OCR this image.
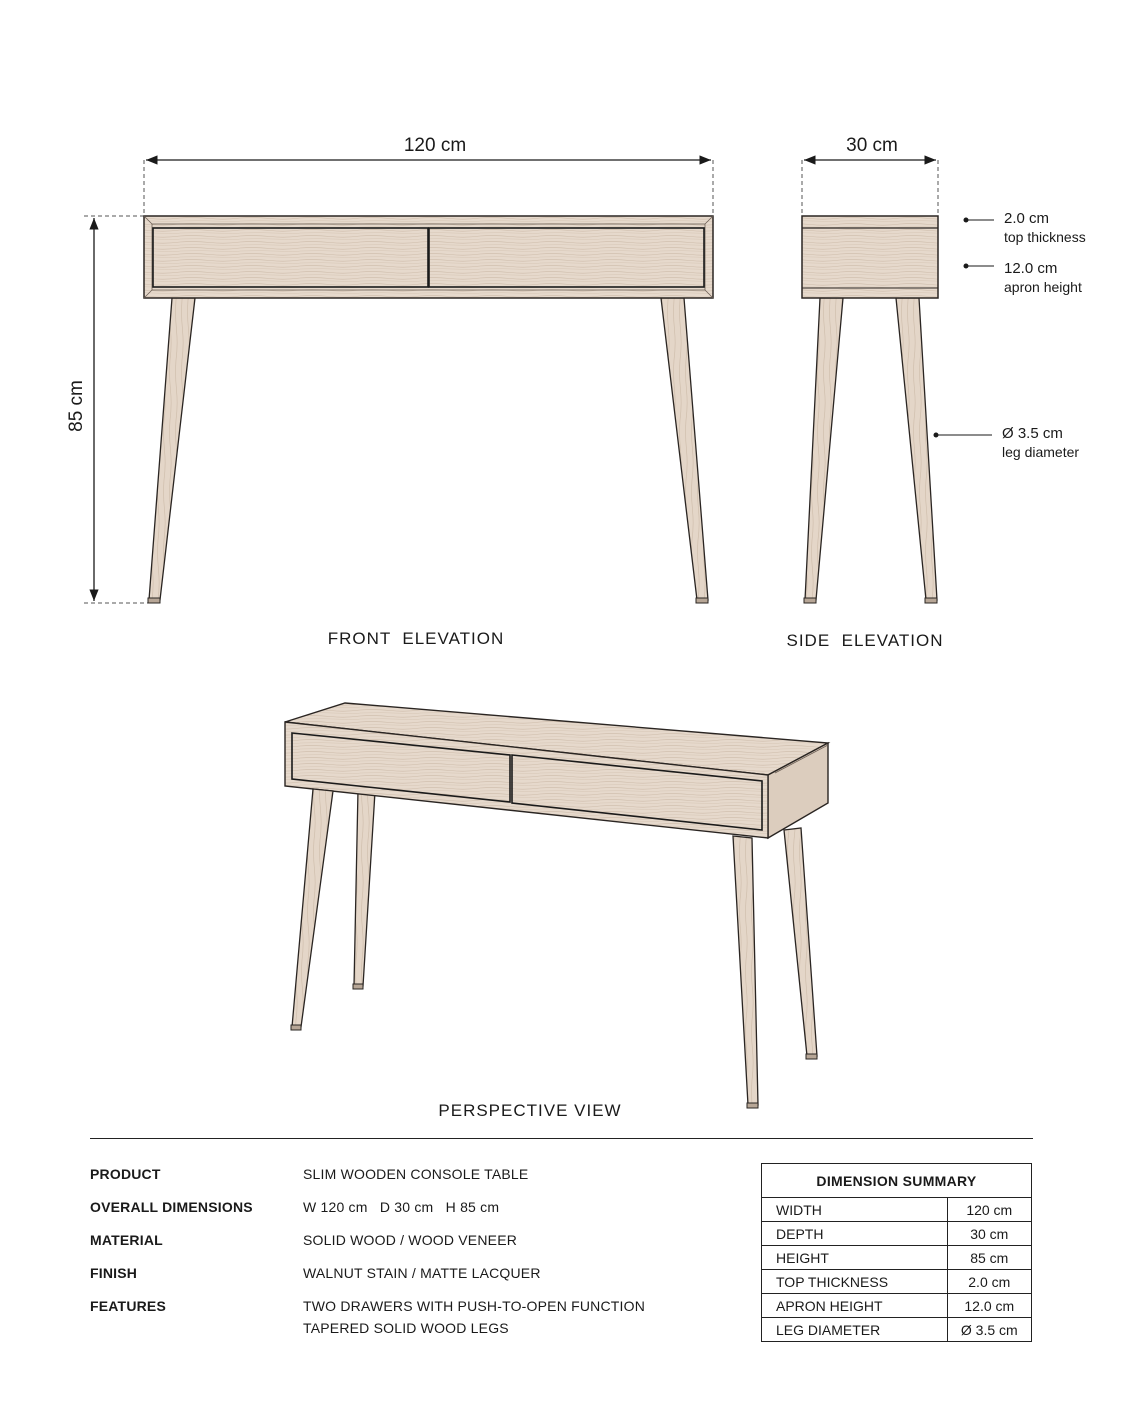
120 cm
85 cm
FRONT  ELEVATION
30 cm
2.0 cm
top thickness
12.0 cm
apron height
Ø 3.5 cm
leg diameter
SIDE  ELEVATION
PERSPECTIVE VIEW
PRODUCT	SLIM WOODEN CONSOLE TABLE
OVERALL DIMENSIONS	W 120 cm   D 30 cm   H 85 cm
MATERIAL	SOLID WOOD / WOOD VENEER
FINISH	WALNUT STAIN / MATTE LACQUER
FEATURES	TWO DRAWERS WITH PUSH-TO-OPEN FUNCTION
TAPERED SOLID WOOD LEGS
DIMENSION SUMMARY	
WIDTH	120 cm
DEPTH	30 cm
HEIGHT	85 cm
TOP THICKNESS	2.0 cm
APRON HEIGHT	12.0 cm
LEG DIAMETER	Ø 3.5 cm
